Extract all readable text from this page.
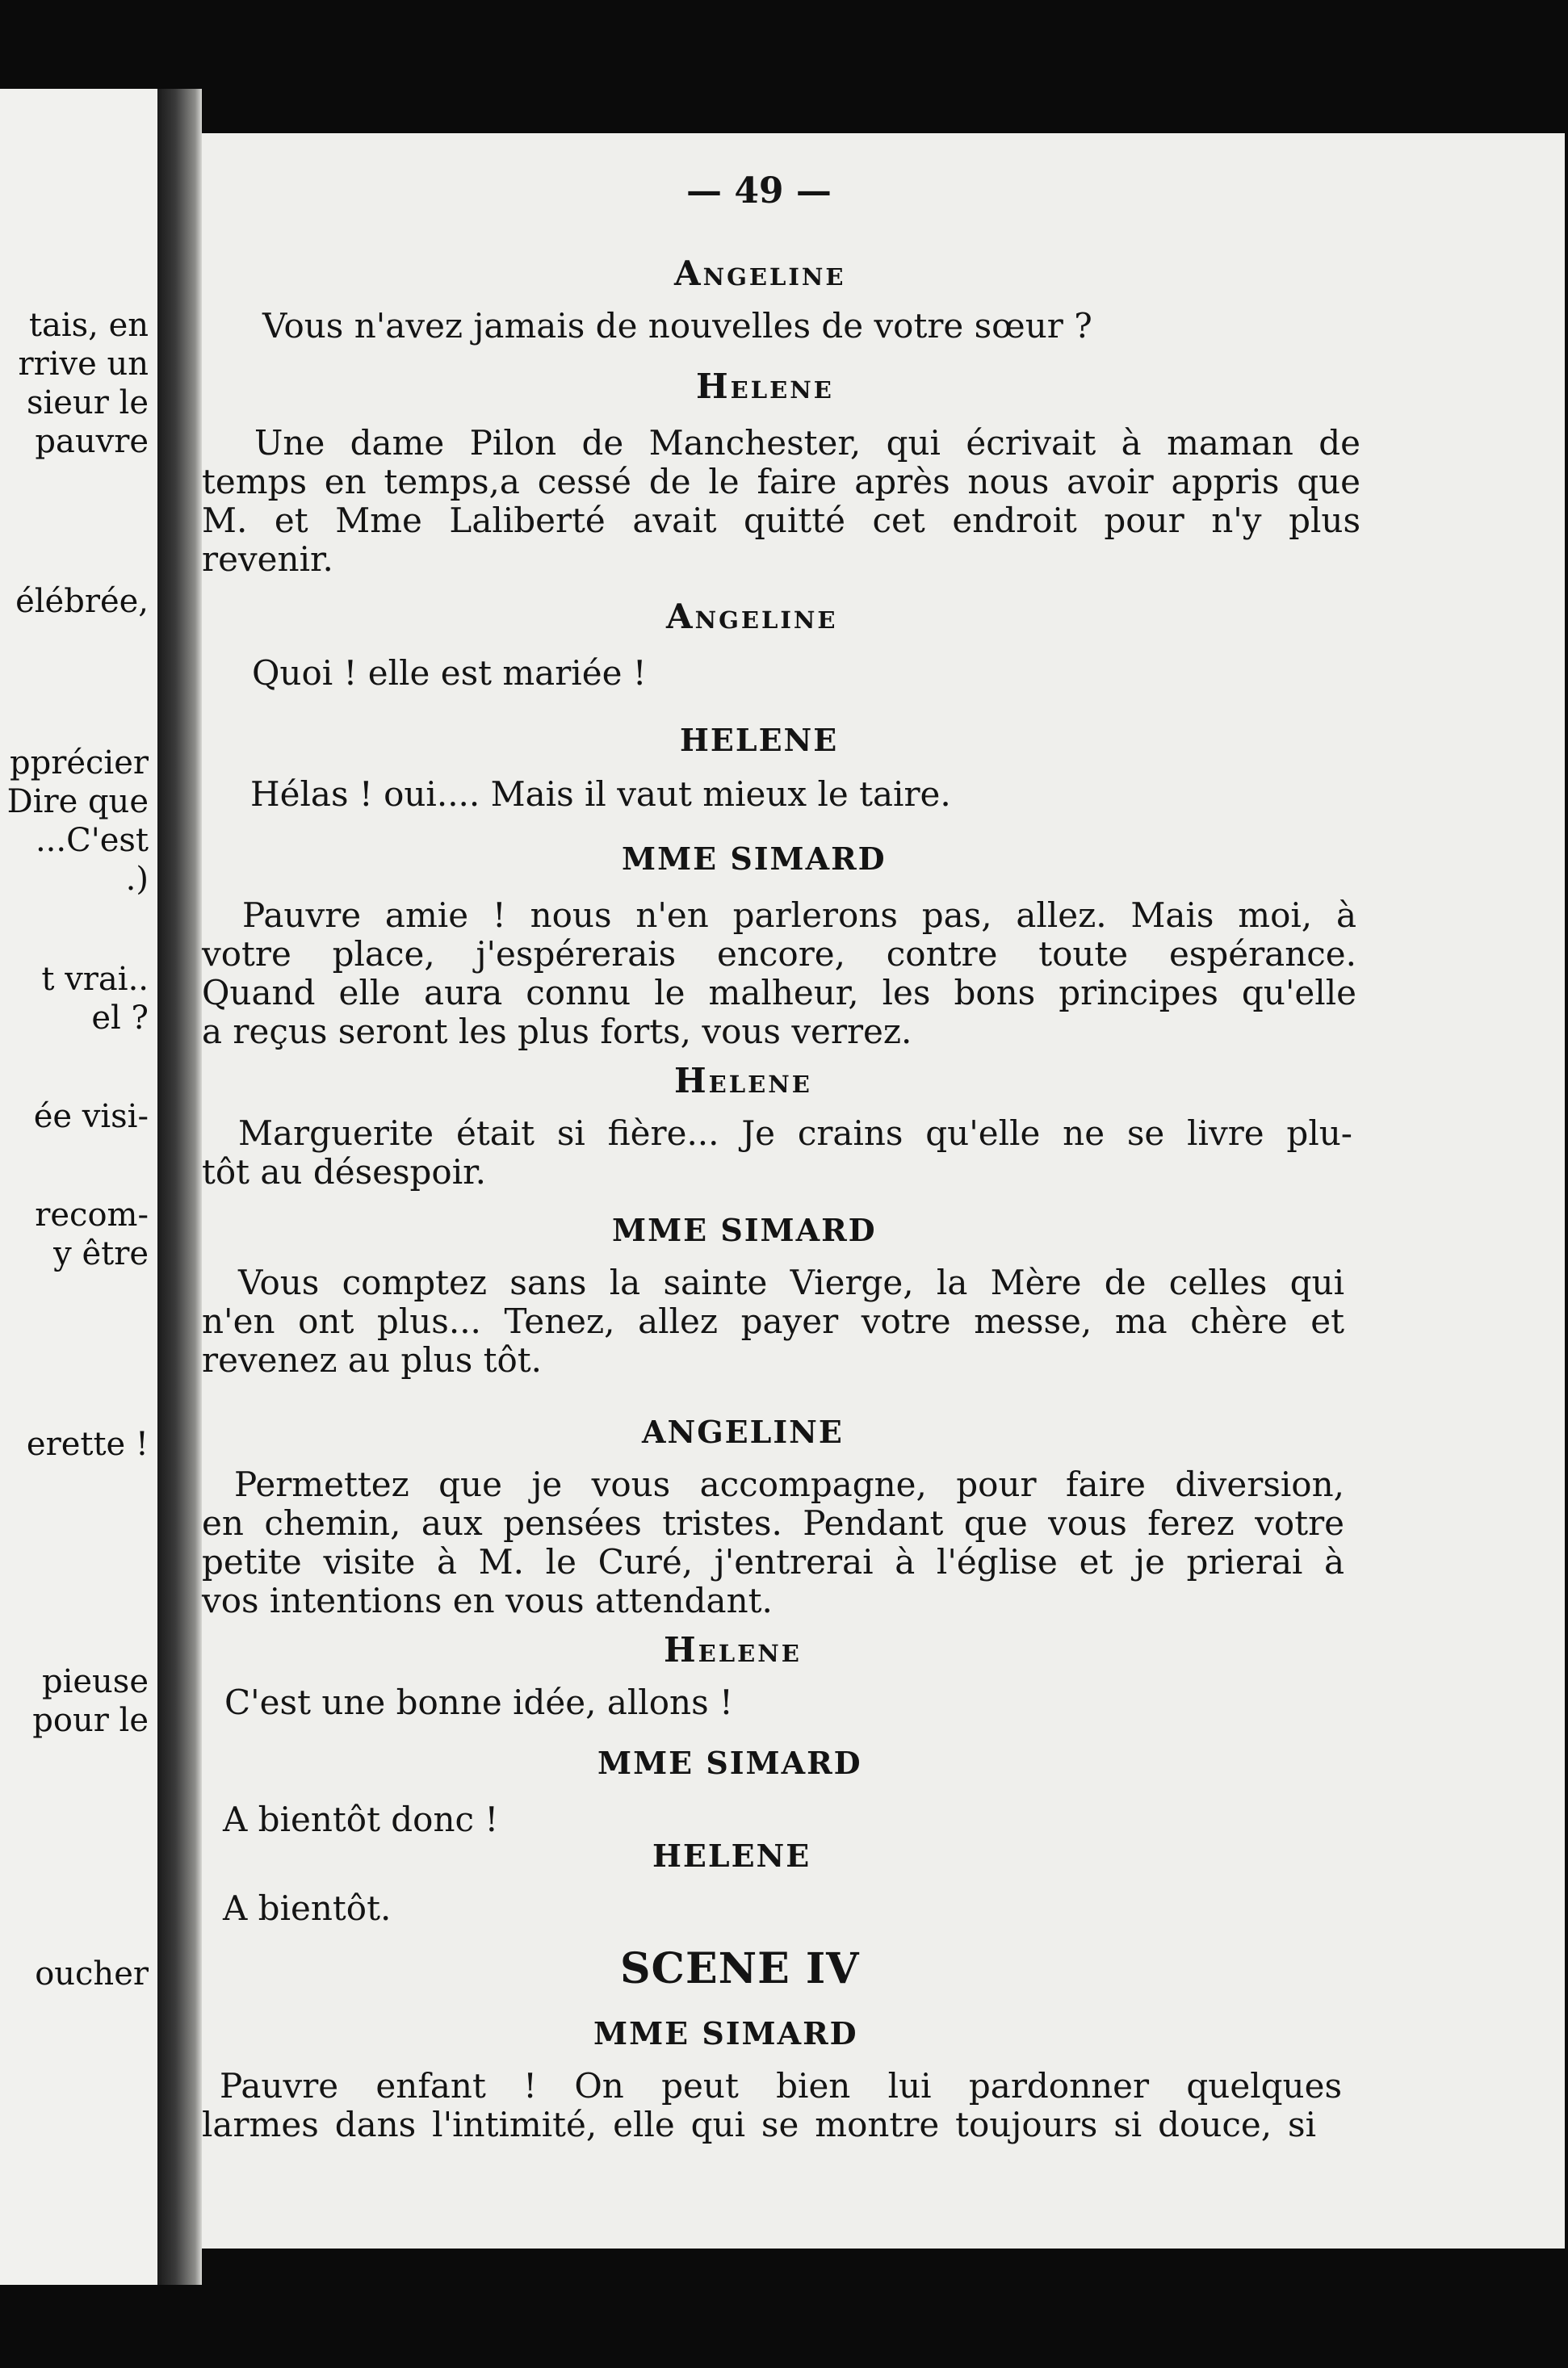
tais, en
rrive un
sieur le
pauvre
élébrée,
pprécier
Dire que
...C'est
.)
t vrai..
el ?
ée visi-
recom-
y être
erette !
pieuse
pour le
oucher
— 49 —
Angeline
Vous n'avez jamais de nouvelles de votre sœur ?
Helene
Une dame Pilon de Manchester, qui écrivait à maman de
temps en temps,a cessé de le faire après nous avoir appris que
M. et Mme Laliberté avait quitté cet endroit pour n'y plus
revenir.
Angeline
Quoi ! elle est mariée !
HELENE
Hélas ! oui.... Mais il vaut mieux le taire.
MME SIMARD
Pauvre amie ! nous n'en parlerons pas, allez. Mais moi, à
votre place, j'espérerais encore, contre toute espérance.
Quand elle aura connu le malheur, les bons principes qu'elle
a reçus seront les plus forts, vous verrez.
Helene
Marguerite était si fière... Je crains qu'elle ne se livre plu-
tôt au désespoir.
MME SIMARD
Vous comptez sans la sainte Vierge, la Mère de celles qui
n'en ont plus... Tenez, allez payer votre messe, ma chère et
revenez au plus tôt.
ANGELINE
Permettez que je vous accompagne, pour faire diversion,
en chemin, aux pensées tristes. Pendant que vous ferez votre
petite visite à M. le Curé, j'entrerai à l'église et je prierai à
vos intentions en vous attendant.
Helene
C'est une bonne idée, allons !
MME SIMARD
A bientôt donc !
HELENE
A bientôt.
SCENE IV
MME SIMARD
Pauvre enfant ! On peut bien lui pardonner quelques
larmes dans l'intimité, elle qui se montre toujours si douce, si
